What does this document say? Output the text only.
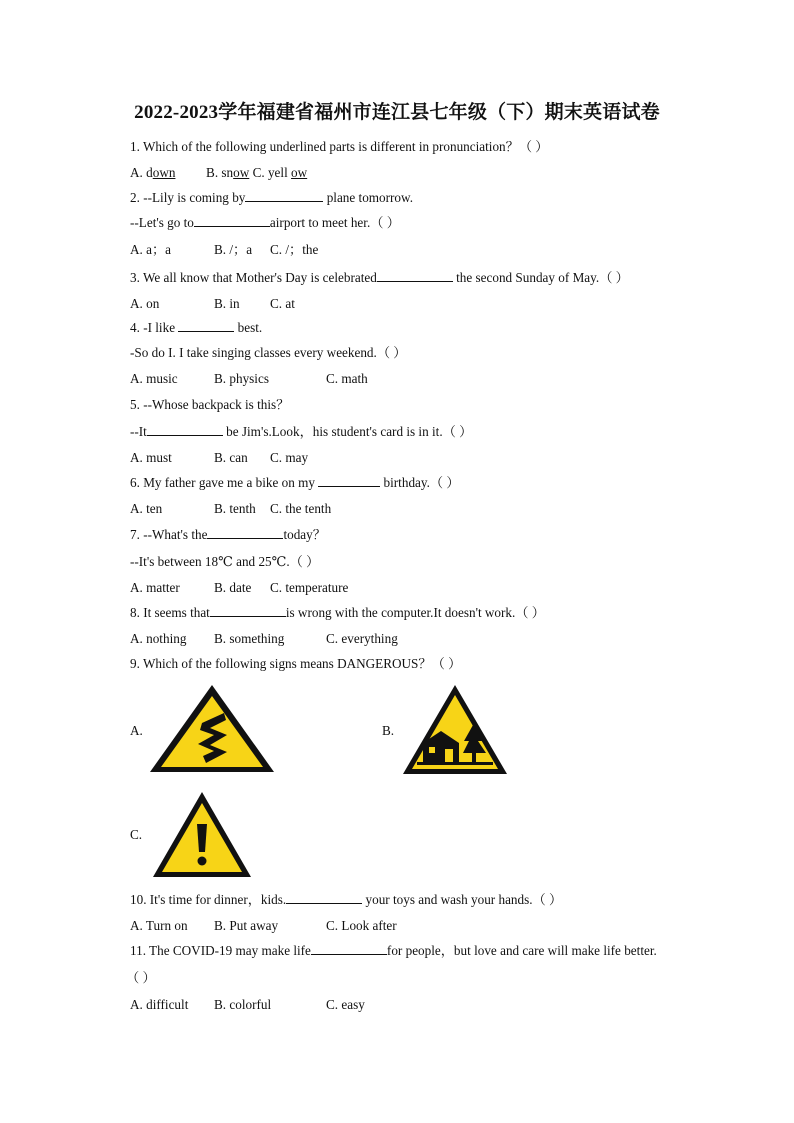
2022-2023学年福建省福州市连江县七年级（下）期末英语试卷
1. Which of the following underlined parts is different in pronunciation？（ ）
A. down B. snow C. yell ow
2. --Lily is coming by	plane tomorrow.
--Let's go to	airport to meet her.（ ）
A. a；a	B. /；a C. /；the
3. We all know that Mother's Day is celebrated	the second Sunday of May.（ ）
A. on	B. in C. at
4. -I like	best.
-So do I. I take singing classes every weekend.（ ）
A. music	B. physics	C. math
5. --Whose backpack is this？
--It	be Jim's.Look，his student's card is in it.（ ）
A. must	B. can C. may
6. My father gave me a bike on my	birthday.（ ）
A. ten	B. tenth C. the tenth
7. --What's the	today？
--It's between 18℃ and 25℃.（ ）
A. matter	B. date C. temperature
8. It seems that	is wrong with the computer.It doesn't work.（ ）
A. nothing B. something	C. everything
9. Which of the following signs means DANGEROUS？（ ）
A.	B.
C.
10. It's time for dinner，kids.	your toys and wash your hands.（ ）
A. Turn on B. Put away	C. Look after
11. The COVID-19 may make life	for people，but love and care will make life better.
（ ）
A. difficult B. colorful	C. easy
